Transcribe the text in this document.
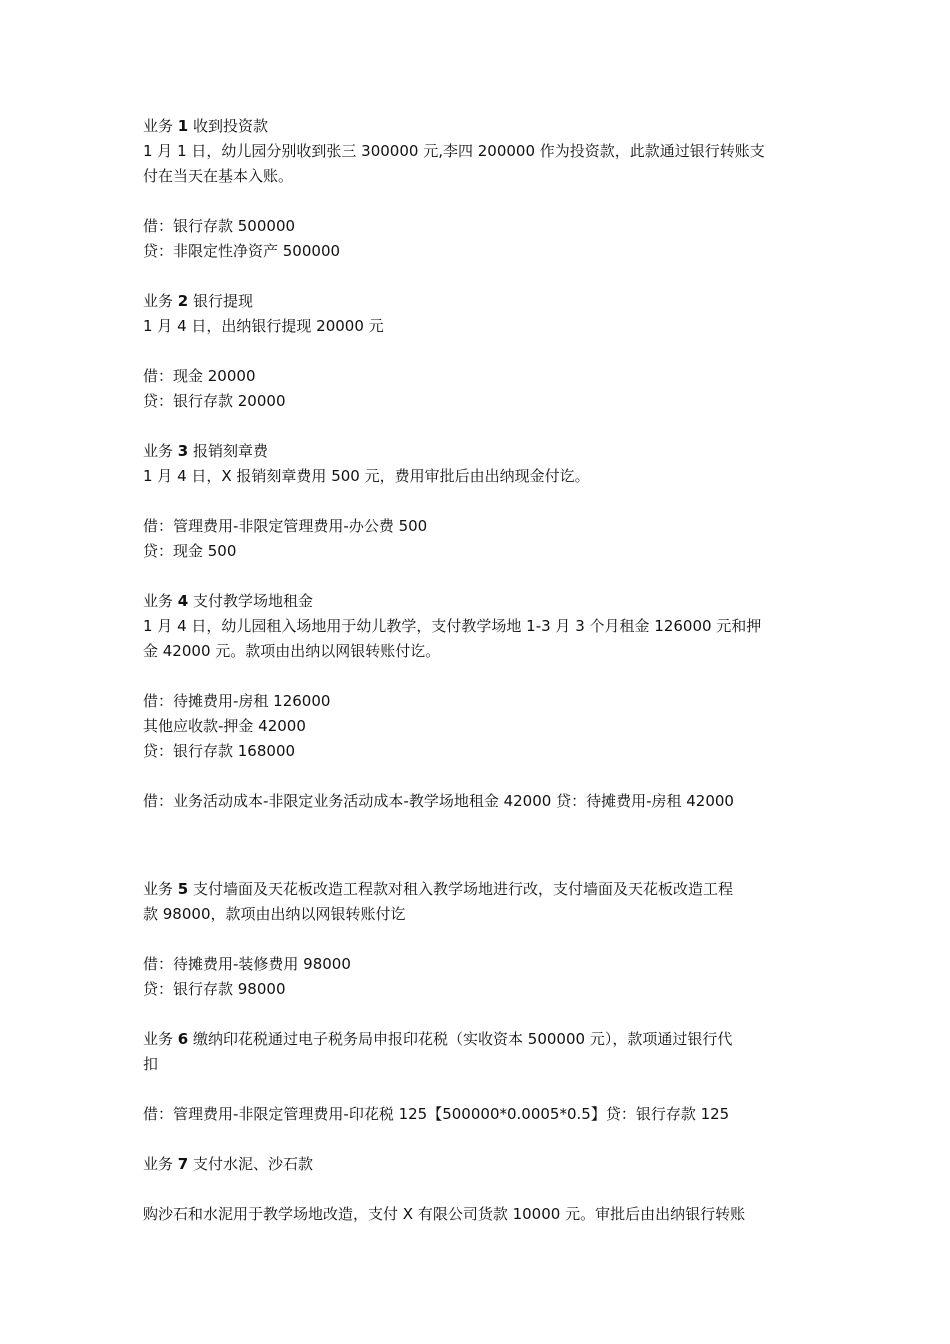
业务 1 收到投资款
1 月 1 日，幼儿园分别收到张三 300000 元,李四 200000 作为投资款，此款通过银行转账支
付在当天在基本入账。
借：银行存款 500000
贷：非限定性净资产 500000
业务 2 银行提现
1 月 4 日，出纳银行提现 20000 元
借：现金 20000
贷：银行存款 20000
业务 3 报销刻章费
1 月 4 日，X 报销刻章费用 500 元，费用审批后由出纳现金付讫。
借：管理费用-非限定管理费用-办公费 500
贷：现金 500
业务 4 支付教学场地租金
1 月 4 日，幼儿园租入场地用于幼儿教学，支付教学场地 1-3 月 3 个月租金 126000 元和押
金 42000 元。款项由出纳以网银转账付讫。
借：待摊费用-房租 126000
其他应收款-押金 42000
贷：银行存款 168000
借：业务活动成本-非限定业务活动成本-教学场地租金 42000 贷：待摊费用-房租 42000
业务 5 支付墙面及天花板改造工程款对租入教学场地进行改，支付墙面及天花板改造工程
款 98000，款项由出纳以网银转账付讫
借：待摊费用-装修费用 98000
贷：银行存款 98000
业务 6 缴纳印花税通过电子税务局申报印花税（实收资本 500000 元），款项通过银行代
扣
借：管理费用-非限定管理费用-印花税 125【500000*0.0005*0.5】贷：银行存款 125
业务 7 支付水泥、沙石款
购沙石和水泥用于教学场地改造，支付 X 有限公司货款 10000 元。审批后由出纳银行转账
